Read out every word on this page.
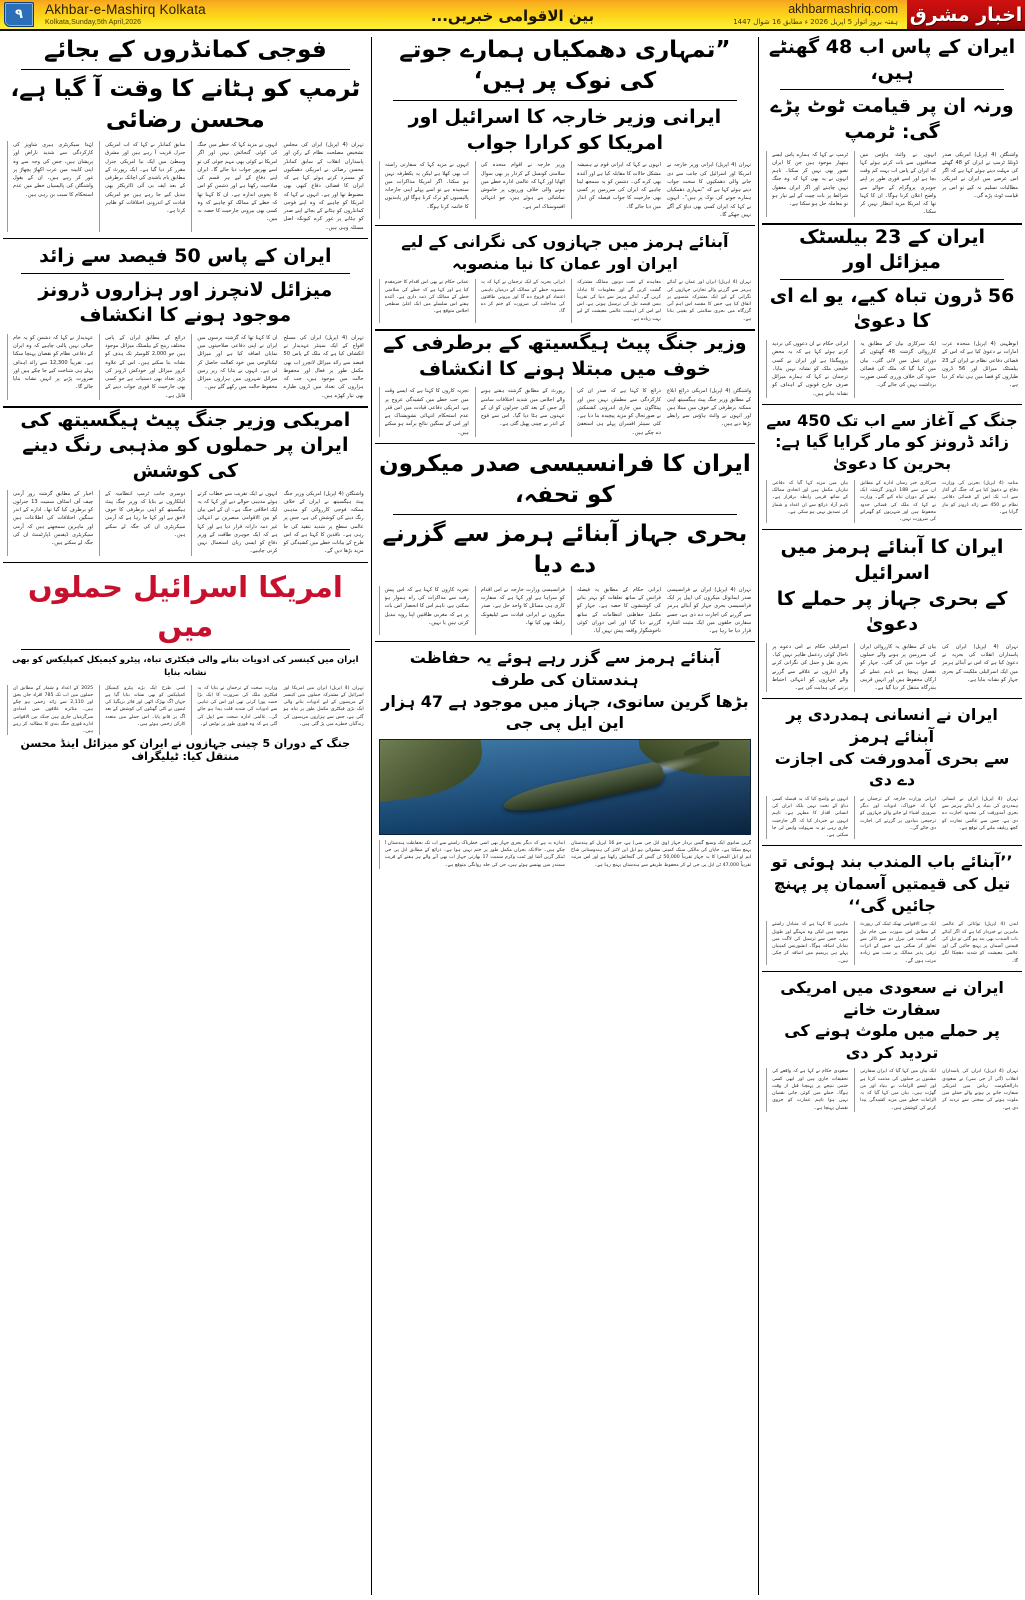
۹	Akhbar-e-Mashirq Kolkata
Kolkata,Sunday,5th April,2026	بین الاقوامی خبریں...	akhbarmashriq.com
ہفتہ بروز اتوار 5 اپریل 2026 ء مطابق 16 شوال 1447 اخبار مشرق
ایران کے پاس اب 48 گھنٹے ہیں،
ورنہ ان پر قیامت ٹوٹ پڑے گی: ٹرمپ
واشنگٹن (4 اپریل) امریکی صدر ڈونلڈ ٹرمپ نے ایران کو 48 گھنٹے کی مہلت دیتے ہوئے کہا ہے کہ اگر اس عرصے میں ایران نے امریکی مطالبات تسلیم نہ کیے تو اس پر قیامت ٹوٹ پڑے گی۔
انہوں نے وائٹ ہاؤس میں صحافیوں سے بات کرتے ہوئے کہا کہ ایران کے پاس اب بہت کم وقت بچا ہے اور اسے فوری طور پر اپنے جوہری پروگرام کے حوالے سے واضح اعلان کرنا ہوگا۔ ان کا کہنا تھا کہ امریکا مزید انتظار نہیں کر سکتا۔
ٹرمپ نے کہا کہ ہمارے پاس ایسے ہتھیار موجود ہیں جن کا ایران تصور بھی نہیں کر سکتا۔ تاہم انہوں نے یہ بھی کہا کہ وہ جنگ نہیں چاہتے اور اگر ایران معقول شرائط پر بات چیت کے لیے تیار ہو تو معاملہ حل ہو سکتا ہے۔
ایران کے 23 بیلسٹک میزائل اور
56 ڈرون تباہ کیے، یو اے ای کا دعویٰ
ابوظہبی (4 اپریل) متحدہ عرب امارات نے دعویٰ کیا ہے کہ اس کے فضائی دفاعی نظام نے ایران کے 23 بیلسٹک میزائل اور 56 ڈرون طیاروں کو فضا میں ہی تباہ کر دیا ہے۔
ایک سرکاری بیان کے مطابق یہ کارروائی گزشتہ 48 گھنٹوں کے دوران عمل میں لائی گئی۔ بیان میں کہا گیا کہ ملک کی فضائی حدود کی خلاف ورزی کسی صورت برداشت نہیں کی جائے گی۔
ایرانی حکام نے ان دعووں کی تردید کرتے ہوئے کہا ہے کہ یہ محض پروپیگنڈا ہے اور ایران نے کسی خلیجی ملک کو نشانہ نہیں بنایا۔ ترجمان نے کہا کہ ہمارے میزائل صرف جارح قوتوں کے اہداف کو نشانہ بناتے ہیں۔
جنگ کے آغاز سے اب تک 450 سے
زائد ڈرونز کو مار گرایا گیا ہے: بحرین کا دعویٰ
منامہ (4 اپریل) بحرین کی وزارت دفاع نے دعویٰ کیا ہے کہ جنگ کے آغاز سے اب تک اس کے فضائی دفاعی نظام نے 450 سے زائد ڈرونز کو مار گرایا ہے۔
سرکاری خبر رساں ادارے کے مطابق ان میں سے 188 ڈرونز گزشتہ ایک ہفتے کے دوران تباہ کیے گئے۔ وزارت نے کہا کہ ملک کی فضائی حدود محفوظ ہیں اور شہریوں کو گھبرانے کی ضرورت نہیں۔
بیان میں مزید کہا گیا کہ دفاعی تیاریاں مکمل ہیں اور اتحادی ممالک کے ساتھ قریبی رابطہ برقرار ہے۔ تاہم آزاد ذرائع سے ان اعداد و شمار کی تصدیق نہیں ہو سکی ہے۔
ایران کا آبنائے ہرمز میں اسرائیل
کے بحری جہاز پر حملے کا دعویٰ
تہران (4 اپریل) ایران کی پاسداران انقلاب کی بحریہ نے دعویٰ کیا ہے کہ اس نے آبنائے ہرمز میں ایک اسرائیلی ملکیت کے بحری جہاز کو نشانہ بنایا ہے۔
بیان کے مطابق یہ کارروائی ایران کی سرزمین پر ہونے والے حملوں کے جواب میں کی گئی۔ جہاز کو نقصان پہنچا ہے تاہم عملے کے ارکان محفوظ ہیں اور انہیں قریبی بندرگاہ منتقل کر دیا گیا ہے۔
اسرائیلی حکام نے اس دعوے پر تاحال کوئی ردعمل ظاہر نہیں کیا۔ بحری نقل و حمل کی نگرانی کرنے والے اداروں نے علاقے سے گزرنے والے جہازوں کو انتہائی احتیاط برتنے کی ہدایت کی ہے۔
ایران نے انسانی ہمدردی پر آبنائے ہرمز
سے بحری آمدورفت کی اجازت دے دی
تہران (4 اپریل) ایران نے انسانی ہمدردی کی بنیاد پر آبنائے ہرمز سے بحری آمدورفت کی محدود اجازت دے دی ہے، جس سے عالمی تجارت کو کچھ ریلیف ملنے کی توقع ہے۔
ایرانی وزارت خارجہ کے ترجمان نے کہا کہ خوراک، ادویات اور دیگر ضروری اشیاء لے جانے والے جہازوں کو ترجیحی بنیادوں پر گزرنے کی اجازت دی جائے گی۔
انہوں نے واضح کیا کہ یہ فیصلہ کسی دباؤ کے تحت نہیں بلکہ ایران کی انسانی اقدار کا مظہر ہے۔ تاہم انہوں نے خبردار کیا کہ اگر جارحیت جاری رہی تو یہ سہولت واپس لی جا سکتی ہے۔
’’آبنائے باب المندب بند ہوئی تو
تیل کی قیمتیں آسمان پر پہنچ جائیں گی‘‘
لندن (4 اپریل) توانائی کے عالمی ماہرین نے خبردار کیا ہے کہ اگر آبنائے باب المندب بھی بند ہو گئی تو تیل کی قیمتیں آسمان پر پہنچ جائیں گی اور عالمی معیشت کو شدید دھچکا لگے گا۔
ایک بین الاقوامی تھنک ٹینک کی رپورٹ کے مطابق اس صورت میں خام تیل کی قیمت فی بیرل دو سو ڈالر سے تجاوز کر سکتی ہے، جس کے اثرات ترقی پذیر ممالک پر سب سے زیادہ مرتب ہوں گے۔
ماہرین کا کہنا ہے کہ متبادل راستے موجود ہیں لیکن وہ مہنگے اور طویل ہیں، جس سے ترسیل کی لاگت میں نمایاں اضافہ ہوگا۔ انشورنس کمپنیاں پہلے ہی پریمیم میں اضافہ کر چکی ہیں۔
ایران نے سعودی میں امریکی سفارت خانے
پر حملے میں ملوث ہونے کی تردید کر دی
تہران (4 اپریل) ایران کی پاسداران انقلاب (آئی آر جی سی) نے سعودی دارالحکومت ریاض میں امریکی سفارت خانے پر ہونے والے حملے میں ملوث ہونے کی سختی سے تردید کر دی ہے۔
ایک بیان میں کہا گیا کہ ایران سفارتی مشنوں پر حملوں کی مذمت کرتا ہے اور ایسے الزامات بے بنیاد اور من گھڑت ہیں۔ بیان میں کہا گیا کہ یہ الزامات خطے میں مزید کشیدگی پیدا کرنے کی کوشش ہیں۔
سعودی حکام نے کہا ہے کہ واقعے کی تحقیقات جاری ہیں اور ابھی کسی حتمی نتیجے پر پہنچنا قبل از وقت ہوگا۔ حملے میں کوئی جانی نقصان نہیں ہوا تاہم عمارت کو جزوی نقصان پہنچا ہے۔
”تمہاری دھمکیاں ہمارے جوتے کی نوک پر ہیں‘
ایرانی وزیر خارجہ کا اسرائیل اور امریکا کو کرارا جواب
تہران (4 اپریل) ایرانی وزیر خارجہ نے امریکا اور اسرائیل کی جانب سے دی جانے والی دھمکیوں کا سخت جواب دیتے ہوئے کہا ہے کہ ”تمہاری دھمکیاں ہمارے جوتے کی نوک پر ہیں“۔ انہوں نے کہا کہ ایران کسی بھی دباؤ کے آگے نہیں جھکے گا۔
انہوں نے کہا کہ ایرانی قوم نے ہمیشہ مشکل حالات کا مقابلہ کیا ہے اور آئندہ بھی کرے گی۔ دشمن کو یہ سمجھ لینا چاہیے کہ ایران کی سرزمین پر کسی بھی جارحیت کا جواب فیصلہ کن انداز میں دیا جائے گا۔
وزیر خارجہ نے اقوام متحدہ کی سلامتی کونسل کے کردار پر بھی سوال اٹھایا اور کہا کہ عالمی ادارے خطے میں ہونے والی خلاف ورزیوں پر خاموش تماشائی بنے ہوئے ہیں، جو انتہائی افسوسناک امر ہے۔
انہوں نے مزید کہا کہ سفارتی راستہ اب بھی کھلا ہے لیکن یہ یکطرفہ نہیں ہو سکتا۔ اگر امریکا مذاکرات میں سنجیدہ ہے تو اسے پہلے اپنی جارحانہ پالیسیوں کو ترک کرنا ہوگا اور پابندیوں کا خاتمہ کرنا ہوگا۔
آبنائے ہرمز میں جہازوں کی نگرانی کے لیے ایران اور عمان کا نیا منصوبہ
تہران (4 اپریل) ایران اور عمان نے آبنائے ہرمز سے گزرنے والے تجارتی جہازوں کی نگرانی کے لیے ایک مشترکہ منصوبے پر اتفاق کیا ہے، جس کا مقصد اس اہم آبی گزرگاہ میں بحری سلامتی کو یقینی بنانا ہے۔
معاہدے کے تحت دونوں ممالک مشترکہ گشت کریں گے اور معلومات کا تبادلہ کریں گے۔ آبنائے ہرمز سے دنیا کی تقریباً بیس فیصد تیل کی ترسیل ہوتی ہے، اس لیے اس کی اہمیت عالمی معیشت کے لیے بہت زیادہ ہے۔
ایرانی بحریہ کے ایک ترجمان نے کہا کہ یہ منصوبہ خطے کے ممالک کے درمیان باہمی اعتماد کو فروغ دے گا اور بیرونی طاقتوں کی مداخلت کی ضرورت کو ختم کر دے گا۔
عمانی حکام نے بھی اس اقدام کا خیرمقدم کیا ہے اور کہا ہے کہ خطے کی سلامتی خطے کے ممالک کی ذمہ داری ہے۔ آئندہ ہفتے اس سلسلے میں ایک اعلیٰ سطحی اجلاس متوقع ہے۔
وزیر جنگ پیٹ ہیگسیتھ کے برطرفی کے خوف میں مبتلا ہونے کا انکشاف
واشنگٹن (4 اپریل) امریکی ذرائع ابلاغ کے مطابق وزیر جنگ پیٹ ہیگسیتھ اپنی ممکنہ برطرفی کے خوف میں مبتلا ہیں اور انہوں نے وائٹ ہاؤس سے رابطے بڑھا دیے ہیں۔
ذرائع کا کہنا ہے کہ صدر ان کی کارکردگی سے مطمئن نہیں ہیں اور پینٹاگون میں جاری اندرونی کشمکش نے صورتحال کو مزید پیچیدہ بنا دیا ہے۔ کئی سینئر افسران پہلے ہی استعفیٰ دے چکے ہیں۔
رپورٹ کے مطابق گزشتہ ہفتے ہونے والے اجلاس میں شدید اختلافات سامنے آئے جس کے بعد کئی جنرلوں کو ان کے عہدوں سے ہٹا دیا گیا۔ اس سے فوج کے اندر بے چینی پھیل گئی ہے۔
تجزیہ کاروں کا کہنا ہے کہ ایسے وقت میں جب خطے میں کشیدگی عروج پر ہے، امریکی دفاعی قیادت میں اس قدر عدم استحکام انتہائی تشویشناک ہے اور اس کے سنگین نتائج برآمد ہو سکتے ہیں۔
ایران کا فرانسیسی صدر میکرون کو تحفہ،
بحری جہاز آبنائے ہرمز سے گزرنے دے دیا
تہران (4 اپریل) ایران نے فرانسیسی صدر ایمانوئل میکرون کی اپیل پر ایک فرانسیسی بحری جہاز کو آبنائے ہرمز سے گزرنے کی اجازت دے دی ہے، جسے سفارتی حلقوں میں ایک مثبت اشارہ قرار دیا جا رہا ہے۔
ایرانی حکام کے مطابق یہ فیصلہ فرانس کے ساتھ تعلقات کو بہتر بنانے کی کوششوں کا حصہ ہے۔ جہاز کو مکمل حفاظتی انتظامات کے ساتھ گزرنے دیا گیا اور اس دوران کوئی ناخوشگوار واقعہ پیش نہیں آیا۔
فرانسیسی وزارت خارجہ نے اس اقدام کو سراہا ہے اور کہا ہے کہ سفارت کاری ہی مسائل کا واحد حل ہے۔ صدر میکرون نے ایرانی قیادت سے ٹیلیفونک رابطہ بھی کیا تھا۔
تجزیہ کاروں کا کہنا ہے کہ اس پیش رفت سے مذاکرات کی راہ ہموار ہو سکتی ہے، تاہم اس کا انحصار اس بات پر ہے کہ مغربی طاقتیں اپنا رویہ تبدیل کرتی ہیں یا نہیں۔
آبنائے ہرمز سے گزر رہے ہوئے یہ حفاظت ہندستان کی طرف
بڑھا گرین سانوی، جہاز میں موجود ہے 47 ہزار این ایل پی جی
گرین سانوی ایک وسیع گیس بردار جہاز (وی ایل جی سی) ہے، جو 16 اپریل کو ہندستان پہنچ سکتا ہے۔ جاپان کی مالکی مینک کمپنی مشوائی ہو ایل این لائنز کی ہندوستانی شاخ ایم او ایل المحرا کا یہ جہاز تقریباً 50,000 ٹن گیس کی گنجائش رکھتا ہے اور اس مرتبہ تقریباً 47,000 ٹن ایل پی جی لے کر محفوظ طریقے سے ہندستان پہنچ رہا ہے۔
اندازہ یہ ہے کہ دیگر بحری جہاز بھی اسی خطرناک راستے سے اب تک بحفاظت ہندستان آ چکے ہیں۔ حالانکہ بحران مکمل طور پر ختم نہیں ہوا ہے۔ ذرائع کے مطابق ایل پی جی ٹینکر گرین آشا اور ٹمب وکرم سمیت 17 بھارتی جہاز اب بھی آنے والے ہر ہفتے کے قریب سمندر میں پھنسے ہوئے ہیں، جن کی جلد روانگی متوقع ہے۔
فوجی کمانڈروں کے بجائے
ٹرمپ کو ہٹانے کا وقت آ گیا ہے، محسن رضائی
تہران (4 اپریل) ایران کی مجلس تشخیص مصلحت نظام کے رکن اور پاسداران انقلاب کے سابق کمانڈر محسن رضائی نے امریکی دھمکیوں کو مسترد کرتے ہوئے کہا ہے کہ ایران کا فضائی دفاع کبھی بھی مضبوط تھا اور ہے۔ انہوں نے کہا کہ امریکا کو چاہیے کہ وہ اپنے فوجی کمانڈروں کو ہٹانے کے بجائے اپنے صدر کو ہٹانے پر غور کرے کیونکہ اصل مسئلہ وہی ہیں۔
انہوں نے مزید کہا کہ خطے میں جنگ کی کوئی گنجائش نہیں اور اگر امریکا نے کوئی بھی مہم جوئی کی تو اسے بھرپور جواب دیا جائے گا۔ ایران اپنے دفاع کے لیے ہر قسم کی صلاحیت رکھتا ہے اور دشمن کو اس کا بخوبی اندازہ ہے۔ ان کا کہنا تھا کہ خطے کے ممالک کو چاہیے کہ وہ کسی بھی بیرونی جارحیت کا حصہ نہ بنیں۔
سابق کمانڈر نے کہا کہ اب امریکی جنرل قریب آ رہے ہیں اور مشرق وسطیٰ میں ایک نیا امریکی جنرل مقرر کر دیا گیا ہے۔ ایک رپورٹ کے مطابق بام باشدی کی اچانک برطرفی کے بعد ایف بی آئی ڈائریکٹر بھی تبدیل کیے جا رہے ہیں جو امریکی قیادت کے اندرونی اختلافات کو ظاہر کرتا ہے۔
لہٰذا سیکریٹری ہیری شاویز کی کارکردگی سے شدید ناراض اور پریشان ہیں، جس کی وجہ سے وہ اپنی کابینہ میں عرب اکھاڑ پچھاڑ پر غور کر رہے ہیں۔ ان کے بقول واشنگٹن کی پالیسیاں خطے میں عدم استحکام کا سبب بن رہی ہیں۔
ایران کے پاس 50 فیصد سے زائد
میزائل لانچرز اور ہزاروں ڈرونز موجود ہونے کا انکشاف
تہران (4 اپریل) ایران کی مسلح افواج کے ایک سینئر عہدیدار نے انکشاف کیا ہے کہ ملک کے پاس 50 فیصد سے زائد میزائل لانچرز اب بھی مکمل طور پر فعال اور محفوظ حالت میں موجود ہیں، جب کہ ہزاروں کی تعداد میں ڈرون طیارے بھی تیار کھڑے ہیں۔
ان کا کہنا تھا کہ گزشتہ برسوں میں ایران نے اپنی دفاعی صلاحیتوں میں نمایاں اضافہ کیا ہے اور میزائل ٹیکنالوجی میں خود کفالت حاصل کر لی ہے۔ انہوں نے بتایا کہ زیر زمین میزائل شہروں میں ہزاروں میزائل محفوظ حالت میں رکھے گئے ہیں۔
ذرائع کے مطابق ایران کے پاس مختلف رینج کے بیلسٹک میزائل موجود ہیں جو 2,000 کلومیٹر تک ہدف کو نشانہ بنا سکتے ہیں۔ اس کے علاوہ کروز میزائل اور خودکش ڈرونز کی بڑی تعداد بھی دستیاب ہے جو کسی بھی جارحیت کا فوری جواب دینے کے قابل ہے۔
عہدیدار نے کہا کہ دشمن کو یہ خام خیالی نہیں پالنی چاہیے کہ وہ ایران کے دفاعی نظام کو نقصان پہنچا سکتا ہے۔ تقریباً 12,300 سے زائد اہداف پہلے ہی شناخت کیے جا چکے ہیں اور ضرورت پڑنے پر انہیں نشانہ بنایا جائے گا۔
امریکی وزیر جنگ پیٹ ہیگسیتھ کی
ایران پر حملوں کو مذہبی رنگ دینے کی کوشش
واشنگٹن (4 اپریل) امریکی وزیر جنگ پیٹ ہیگسیتھ نے ایران کے خلاف ممکنہ فوجی کارروائی کو مذہبی رنگ دینے کی کوشش کی ہے، جس پر عالمی سطح پر شدید تنقید کی جا رہی ہے۔ ناقدین کا کہنا ہے کہ اس طرح کے بیانات خطے میں کشیدگی کو مزید بڑھا دیں گے۔
انہوں نے ایک تقریب سے خطاب کرتے ہوئے مذہبی حوالے دیے اور کہا کہ یہ ایک اخلاقی جنگ ہے۔ ان کے اس بیان کو بین الاقوامی مبصرین نے انتہائی غیر ذمہ دارانہ قرار دیا ہے اور کہا ہے کہ ایک جوہری طاقت کے وزیر دفاع کو ایسی زبان استعمال نہیں کرنی چاہیے۔
دوسری جانب ٹرمپ انتظامیہ کے اہلکاروں نے بتایا کہ وزیر جنگ پیٹ ہیگسیتھ کو اپنی برطرفی کا خوف لاحق ہے اور کہا جا رہا ہے کہ آرمی سیکریٹری ان کی جگہ لے سکتے ہیں۔
اخبار کے مطابق گزشتہ روز آرمی چیف آف اسٹاف سمیت 13 جنرلوں کو برطرف کیا گیا تھا۔ ادارے کے اندر سنگین اختلافات کی اطلاعات ہیں اور ماہرین سمجھتے ہیں کہ آرمی سیکریٹری ڈیفنس ڈپارٹمنٹ ان کی جگہ لے سکتے ہیں۔
امریکا اسرائیل حملوں میں
ایران میں کینسر کی ادویات بنانے والی فیکٹری تباہ، پیٹرو کیمیکل کمپلیکس کو بھی نشانہ بنایا
تہران (4 اپریل) ایران میں امریکا اور اسرائیل کے مشترکہ حملوں میں کینسر کے مریضوں کے لیے ادویات بنانے والی ایک بڑی فیکٹری مکمل طور پر تباہ ہو گئی ہے، جس سے ہزاروں مریضوں کی زندگیاں خطرے میں پڑ گئی ہیں۔
وزارت صحت کے ترجمان نے بتایا کہ یہ فیکٹری ملک کی ضرورت کا ایک بڑا حصہ پورا کرتی تھی اور اس کی تباہی سے ادویات کی شدید قلت پیدا ہو جائے گی۔ عالمی ادارہ صحت سے اپیل کی گئی ہے کہ وہ فوری طور پر نوٹس لے۔
اسی طرح ایک بڑے پیٹرو کیمیکل کمپلیکس کو بھی نشانہ بنایا گیا ہے جہاں آگ بھڑک اٹھی اور فائر بریگیڈ کی ٹیموں نے کئی گھنٹوں کی کوشش کے بعد آگ پر قابو پایا۔ اس حملے میں متعدد کارکن زخمی ہوئے ہیں۔
2025 کے اعداد و شمار کے مطابق ان حملوں میں اب تک 785 افراد جاں بحق اور 2,110 سے زائد زخمی ہو چکے ہیں۔ متاثرہ علاقوں میں امدادی سرگرمیاں جاری ہیں جبکہ بین الاقوامی ادارے فوری جنگ بندی کا مطالبہ کر رہے ہیں۔
جنگ کے دوران 5 چینی جہازوں نے ایران کو میزائل اینڈ محسن منتقل کیا: ٹیلیگراف
